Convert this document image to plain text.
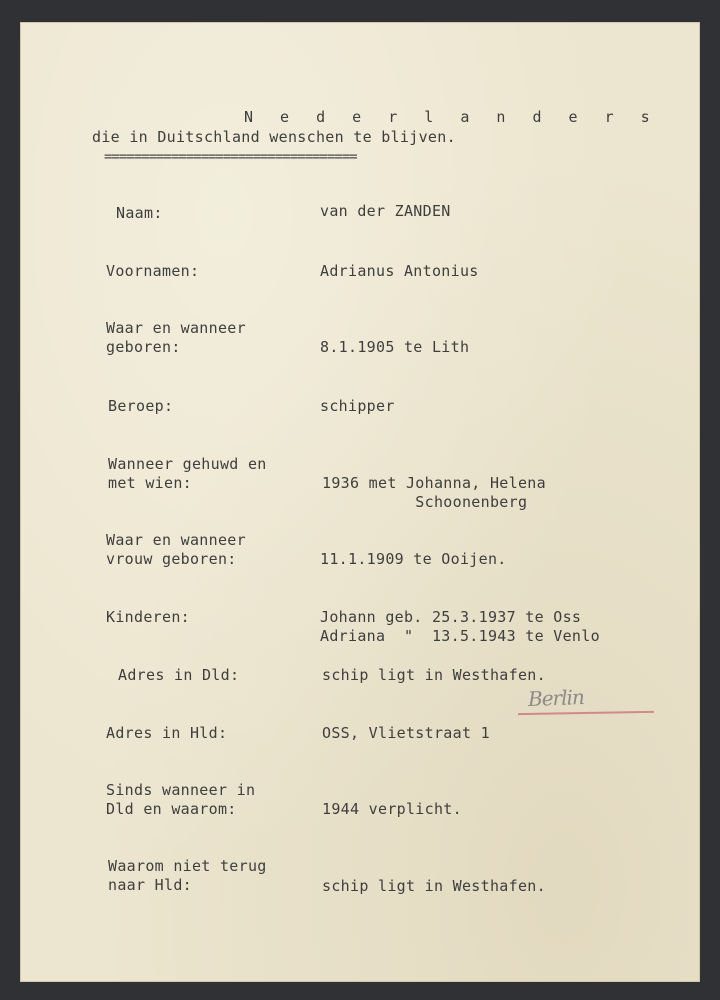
N e d e r l a n d e r s
die in Duitschland wenschen te blijven.
==================================
Naam:	van der ZANDEN
Voornamen:	Adrianus Antonius
Waar en wanneer
geboren:	8.1.1905 te Lith
Beroep:	schipper
Wanneer gehuwd en
met wien:	1936 met Johanna, Helena
Schoonenberg
Waar en wanneer
vrouw geboren:	11.1.1909 te Ooijen.
Kinderen:	Johann geb. 25.3.1937 te Oss
Adriana  "  13.5.1943 te Venlo
Adres in Dld:	schip ligt in Westhafen.
Berlin
Adres in Hld:	OSS, Vlietstraat 1
Sinds wanneer in
Dld en waarom:	1944 verplicht.
Waarom niet terug
naar Hld:	schip ligt in Westhafen.
